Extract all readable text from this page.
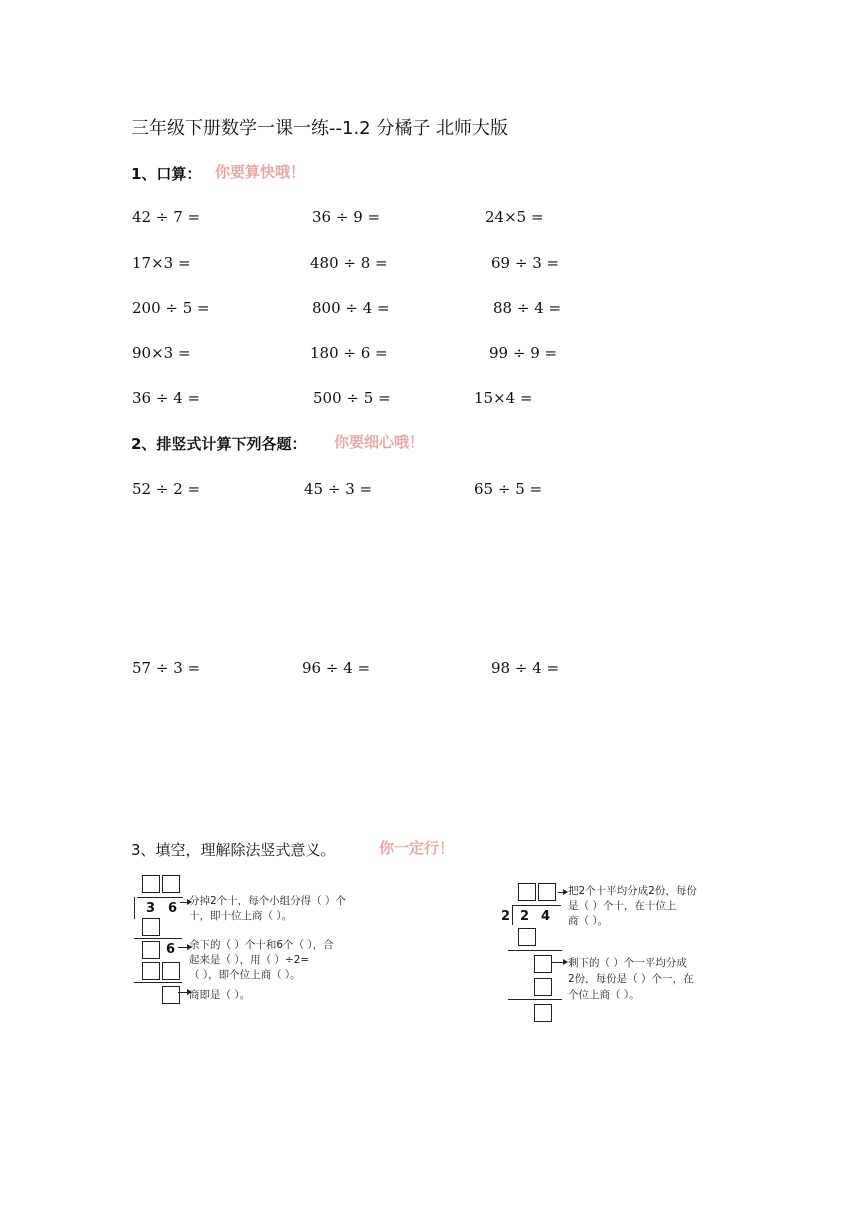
三年级下册数学一课一练--1.2 分橘子 北师大版
1、口算： 你要算快哦！
42 ÷ 7 =	36 ÷ 9 =	24×5 =
17×3 =	480 ÷ 8 =	69 ÷ 3 =
200 ÷ 5 =	800 ÷ 4 =	88 ÷ 4 =
90×3 =	180 ÷ 6 =	99 ÷ 9 =
36 ÷ 4 =	500 ÷ 5 =	15×4 =
2、排竖式计算下列各题： 你要细心哦！
52 ÷ 2 =	45 ÷ 3 =	65 ÷ 5 =
57 ÷ 3 =	96 ÷ 4 =	98 ÷ 4 =
3、填空，理解除法竖式意义。	你一定行！
3 6
6
分掉2个十，每个小组分得（ ）个
十，即十位上商（ ）。
余下的（ ）个十和6个（ ），合
起来是（ ），用（ ）÷2=
（ ），即个位上商（ ）。
商即是（ ）。
2 2 4
把2个十平均分成2份，每份
是（ ）个十，在十位上
商（ ）。
剩下的（ ）个一平均分成
2份，每份是（ ）个一，在
个位上商（ ）。
